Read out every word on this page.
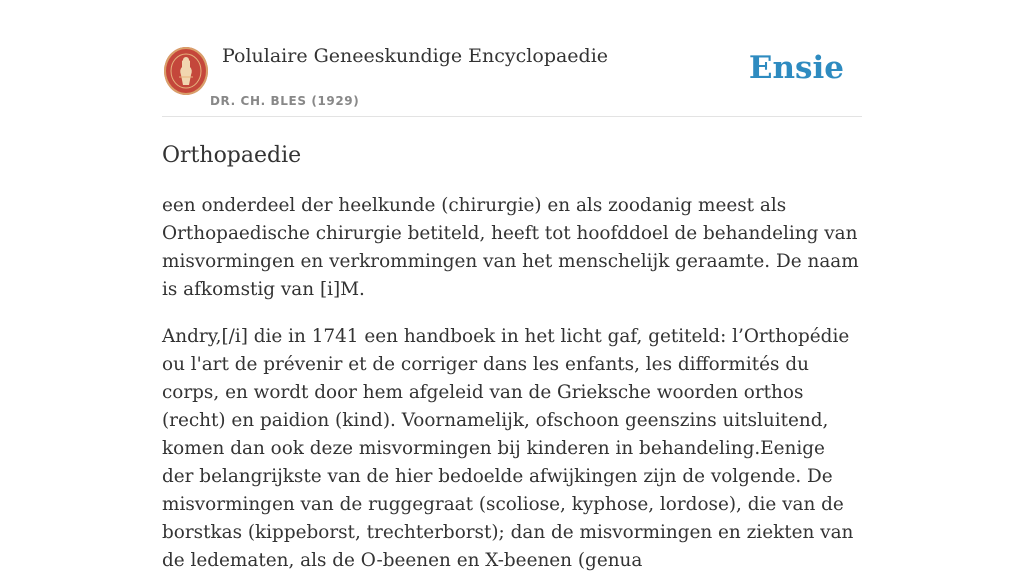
Polulaire Geneeskundige Encyclopaedie
DR. CH. BLES (1929)
Ensie
Orthopaedie

een onderdeel der heelkunde (chirurgie) en als zoodanig meest als Orthopaedische chirurgie betiteld, heeft tot hoofddoel de behandeling van misvormingen en verkrommingen van het menschelijk geraamte. De naam is afkomstig van [i]M.

Andry,[/i] die in 1741 een handboek in het licht gaf, getiteld: l’Orthopédie ou l'art de prévenir et de corriger dans les enfants, les difformités du corps, en wordt door hem afgeleid van de Grieksche woorden orthos (recht) en paidion (kind). Voornamelijk, ofschoon geenszins uitsluitend, komen dan ook deze misvormingen bij kinderen in behandeling.Eenige der belangrijkste van de hier bedoelde afwijkingen zijn de volgende. De misvormingen van de ruggegraat (scoliose, kyphose, lordose), die van de borstkas (kippeborst, trechterborst); dan de misvormingen en ziekten van de ledematen, als de O-beenen en X-beenen (genua
